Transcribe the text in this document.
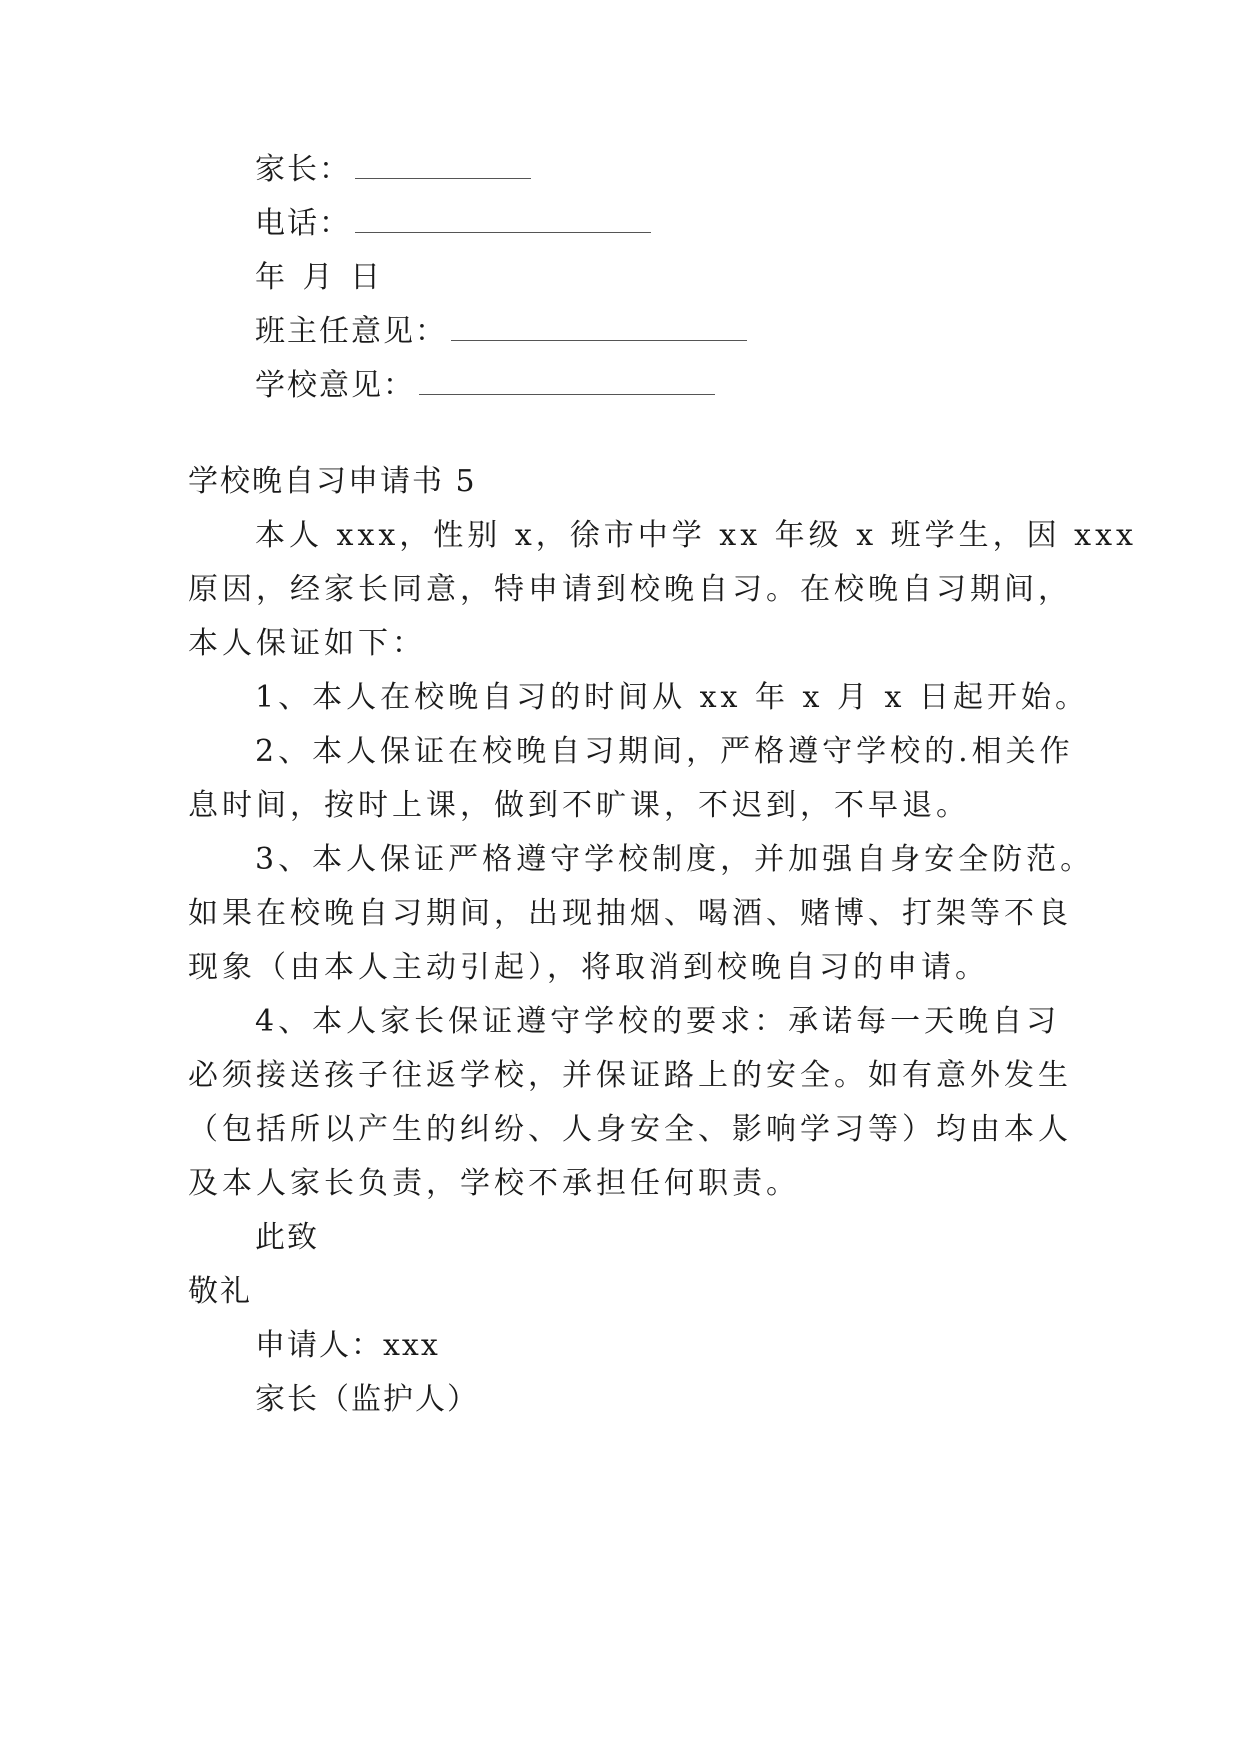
家长：
电话：
年 月 日
班主任意见：
学校意见：
学校晚自习申请书 5
本人 xxx，性别 x，徐市中学 xx 年级 x 班学生，因 xxx
原因，经家长同意，特申请到校晚自习。在校晚自习期间，
本人保证如下：
1、本人在校晚自习的时间从 xx 年 x 月 x 日起开始。
2、本人保证在校晚自习期间，严格遵守学校的.相关作
息时间，按时上课，做到不旷课，不迟到，不早退。
3、本人保证严格遵守学校制度，并加强自身安全防范。
如果在校晚自习期间，出现抽烟、喝酒、赌博、打架等不良
现象（由本人主动引起），将取消到校晚自习的申请。
4、本人家长保证遵守学校的要求：承诺每一天晚自习
必须接送孩子往返学校，并保证路上的安全。如有意外发生
（包括所以产生的纠纷、人身安全、影响学习等）均由本人
及本人家长负责，学校不承担任何职责。
此致
敬礼
申请人：xxx
家长（监护人）
